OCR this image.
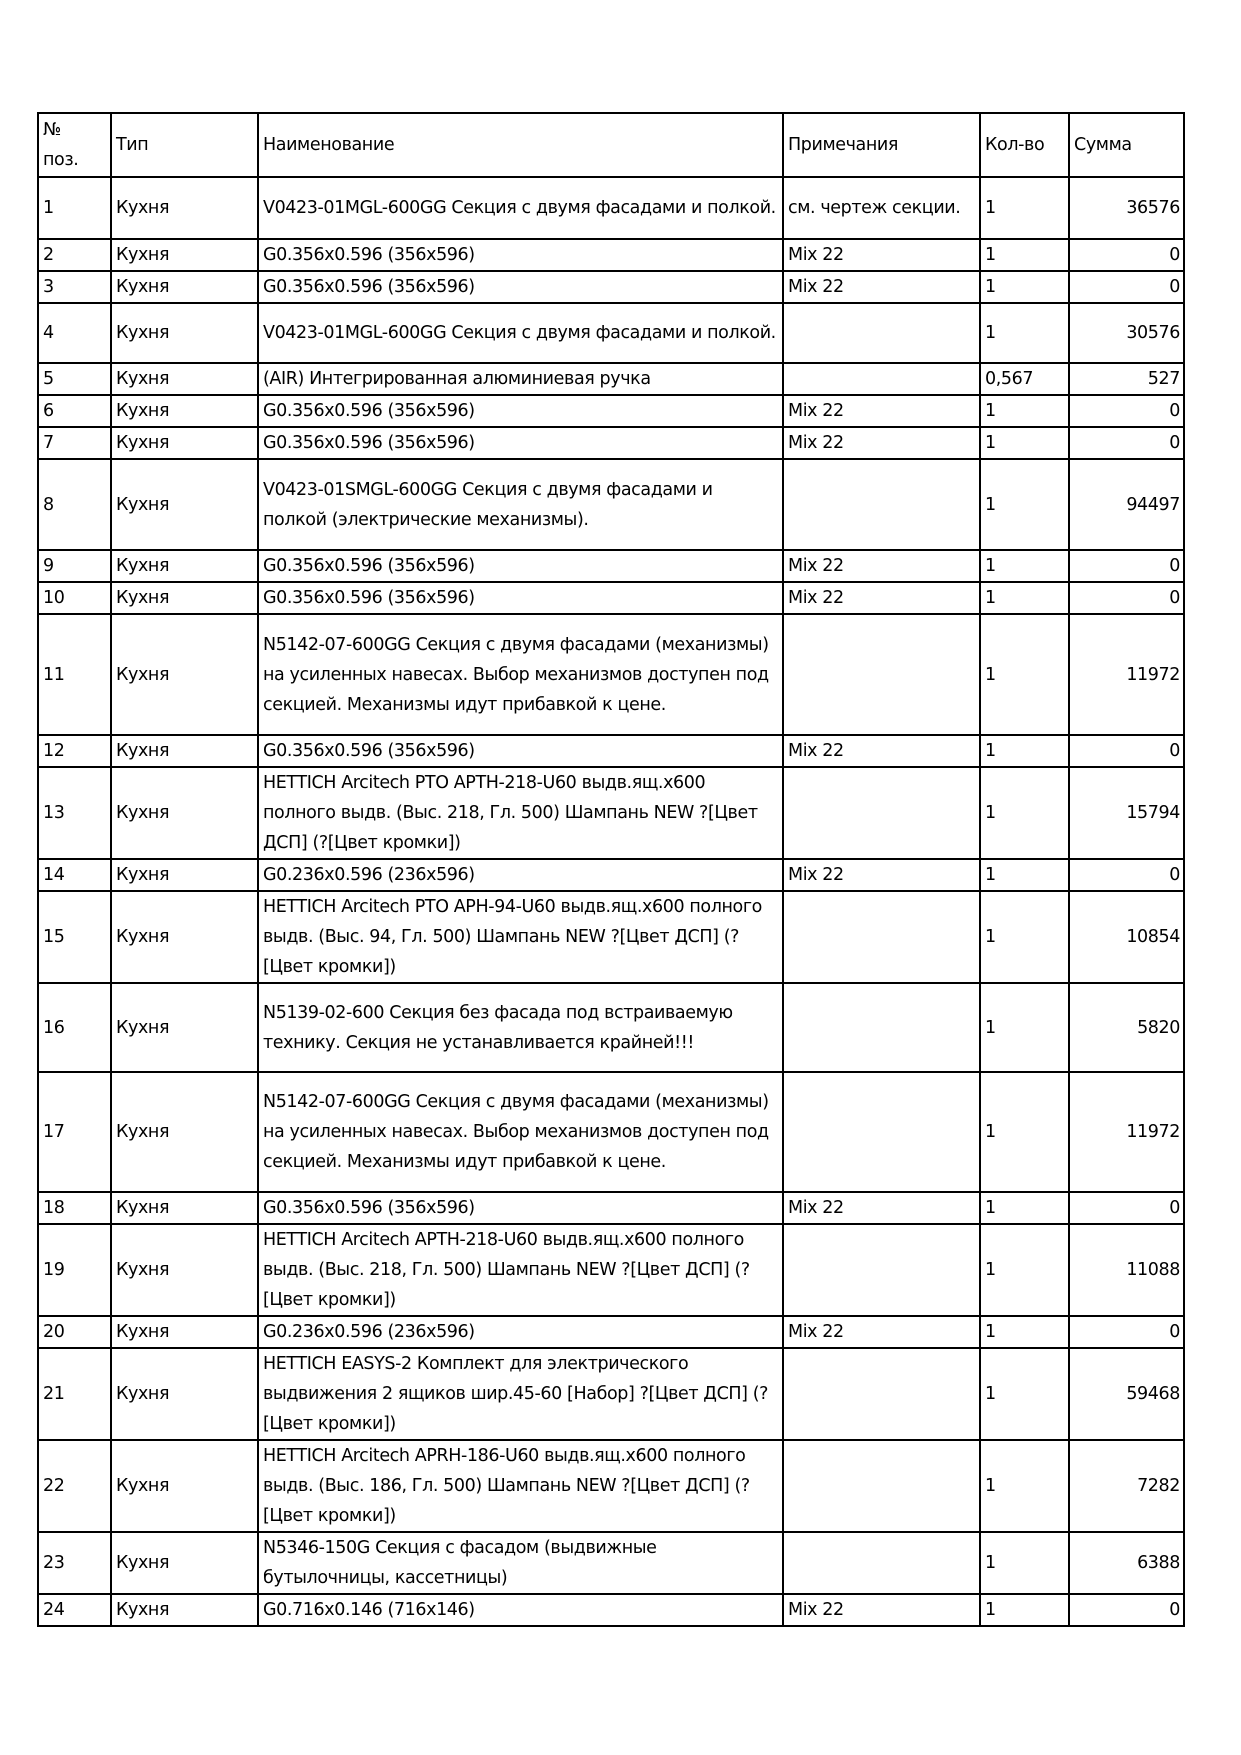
№
поз.	Тип	Наименование	Примечания	Кол-во	Сумма
1	Кухня	V0423-01MGL-600GG Секция с двумя фасадами и полкой.	см. чертеж секции.	1	36576
2	Кухня	G0.356x0.596 (356x596)	Mix 22	1	0
3	Кухня	G0.356x0.596 (356x596)	Mix 22	1	0
4	Кухня	V0423-01MGL-600GG Секция с двумя фасадами и полкой.		1	30576
5	Кухня	(AIR) Интегрированная алюминиевая ручка		0,567	527
6	Кухня	G0.356x0.596 (356x596)	Mix 22	1	0
7	Кухня	G0.356x0.596 (356x596)	Mix 22	1	0
8	Кухня	V0423-01SMGL-600GG Секция с двумя фасадами и полкой (электрические механизмы).		1	94497
9	Кухня	G0.356x0.596 (356x596)	Mix 22	1	0
10	Кухня	G0.356x0.596 (356x596)	Mix 22	1	0
11	Кухня	N5142-07-600GG Секция с двумя фасадами (механизмы) на усиленных навесах. Выбор механизмов доступен под секцией. Механизмы идут прибавкой к цене.		1	11972
12	Кухня	G0.356x0.596 (356x596)	Mix 22	1	0
13	Кухня	HETTICH Arcitech PTO APTH-218-U60 выдв.ящ.x600 полного выдв. (Выс. 218, Гл. 500) Шампань NEW ?[Цвет ДСП] (?[Цвет кромки])		1	15794
14	Кухня	G0.236x0.596 (236x596)	Mix 22	1	0
15	Кухня	HETTICH Arcitech PTO APH-94-U60 выдв.ящ.x600 полного выдв. (Выс. 94, Гл. 500) Шампань NEW ?[Цвет ДСП] (?[Цвет кромки])		1	10854
16	Кухня	N5139-02-600 Секция без фасада под встраиваемую технику. Секция не устанавливается крайней!!!		1	5820
17	Кухня	N5142-07-600GG Секция с двумя фасадами (механизмы) на усиленных навесах. Выбор механизмов доступен под секцией. Механизмы идут прибавкой к цене.		1	11972
18	Кухня	G0.356x0.596 (356x596)	Mix 22	1	0
19	Кухня	HETTICH Arcitech APTH-218-U60 выдв.ящ.x600 полного выдв. (Выс. 218, Гл. 500) Шампань NEW ?[Цвет ДСП] (?[Цвет кромки])		1	11088
20	Кухня	G0.236x0.596 (236x596)	Mix 22	1	0
21	Кухня	HETTICH EASYS-2 Комплект для электрического выдвижения 2 ящиков шир.45-60 [Набор] ?[Цвет ДСП] (?[Цвет кромки])		1	59468
22	Кухня	HETTICH Arcitech APRH-186-U60 выдв.ящ.x600 полного выдв. (Выс. 186, Гл. 500) Шампань NEW ?[Цвет ДСП] (?[Цвет кромки])		1	7282
23	Кухня	N5346-150G Секция с фасадом (выдвижные бутылочницы, кассетницы)		1	6388
24	Кухня	G0.716x0.146 (716x146)	Mix 22	1	0
